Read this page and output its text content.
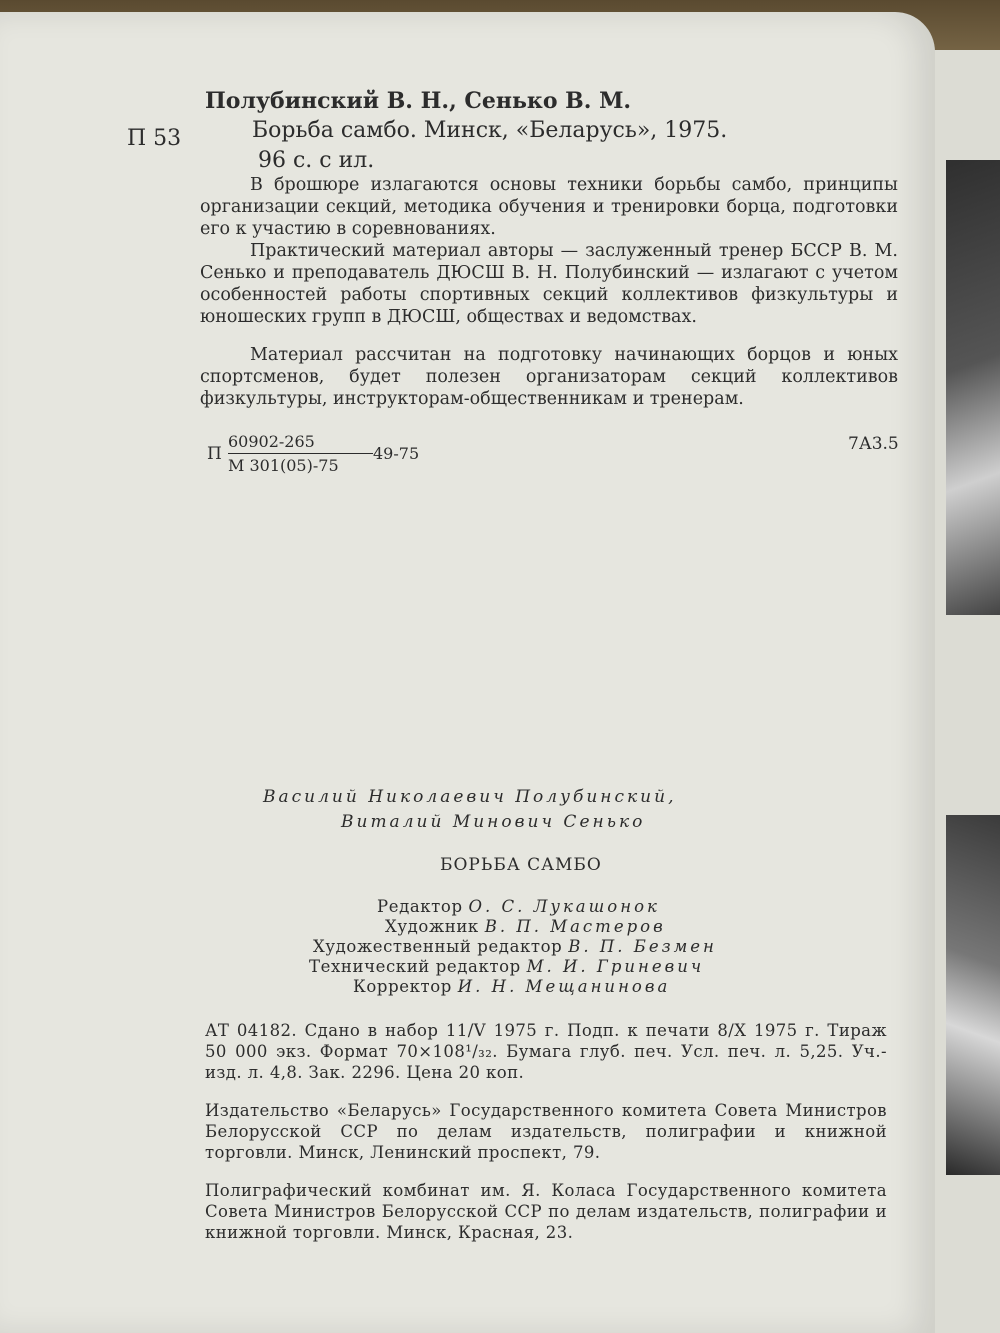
Полубинский В. Н., Сенько В. М.

П 53	Борьба самбо. Минск, «Беларусь», 1975.

96 с. с ил.

В брошюре излагаются основы техники борьбы самбо, принципы организации секций, методика обучения и тренировки борца, подготовки его к участию в соревнованиях.

Практический материал авторы — заслуженный тренер БССР В. М. Сенько и преподаватель ДЮСШ В. Н. Полубинский — излагают с учетом особенностей работы спортивных секций коллективов физкультуры и юношеских групп в ДЮСШ, обществах и ведомствах.

Материал рассчитан на подготовку начинающих борцов и юных спортсменов, будет полезен организаторам секций коллективов физкультуры, инструкторам-общественникам и тренерам.

П
60902-265
М 301(05)-75
49-75	7А3.5

Василий Николаевич Полубинский,

Виталий Минович Сенько

БОРЬБА САМБО

Редактор О. С. Лукашонок

Художник В. П. Мастеров

Художественный редактор В. П. Безмен

Технический редактор М. И. Гриневич

Корректор И. Н. Мещанинова

АТ 04182. Сдано в набор 11/V 1975 г. Подп. к печати 8/X 1975 г. Тираж 50 000 экз. Формат 70×108¹/₃₂. Бумага глуб. печ. Усл. печ. л. 5,25. Уч.-изд. л. 4,8. Зак. 2296. Цена 20 коп.

Издательство «Беларусь» Государственного комитета Совета Министров Белорусской ССР по делам издательств, полиграфии и книжной торговли. Минск, Ленинский проспект, 79.

Полиграфический комбинат им. Я. Коласа Государственного комитета Совета Министров Белорусской ССР по делам издательств, полиграфии и книжной торговли. Минск, Красная, 23.
